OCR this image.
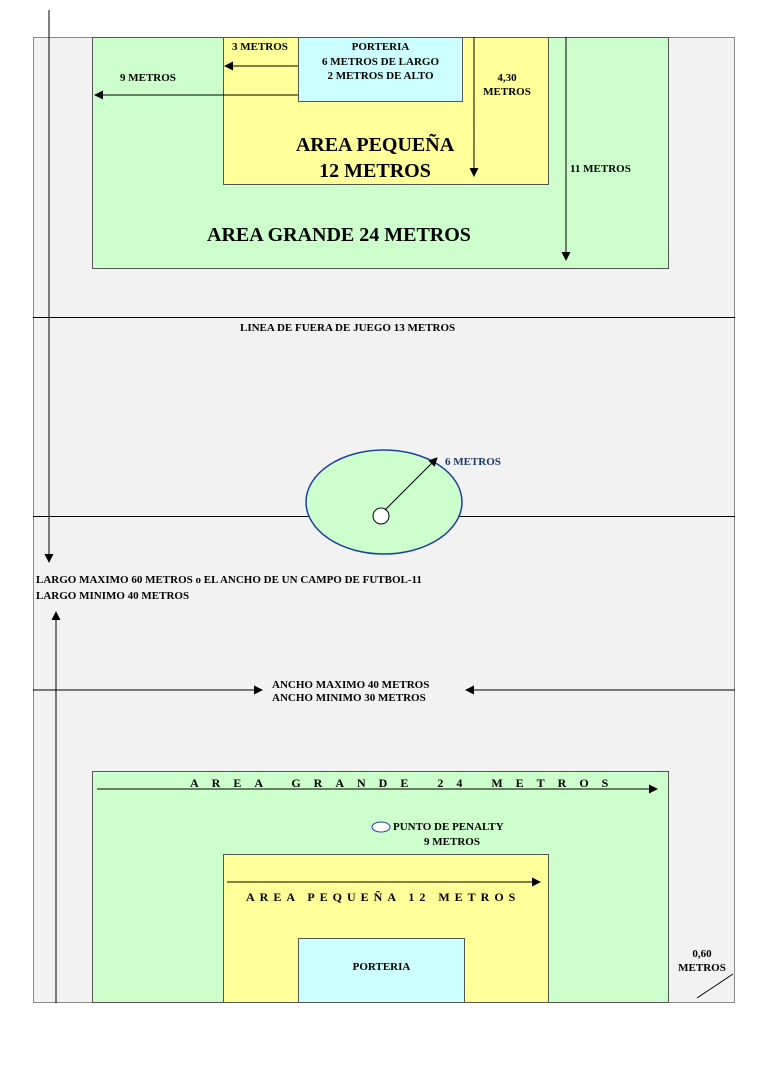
PORTERIA
6 METROS DE LARGO
2 METROS DE ALTO
3 METROS
9 METROS	4,30
METROS
11 METROS
AREA PEQUEÑA
12 METROS
AREA GRANDE 24 METROS
LINEA DE FUERA DE JUEGO 13 METROS
6 METROS
LARGO MAXIMO 60 METROS o EL ANCHO DE UN CAMPO DE FUTBOL-11
LARGO MINIMO 40 METROS
ANCHO MAXIMO 40 METROS
ANCHO MINIMO 30 METROS
AREA GRANDE 24 METROS
PUNTO DE PENALTY
9 METROS
AREA PEQUEÑA 12 METROS
PORTERIA
0,60
METROS
